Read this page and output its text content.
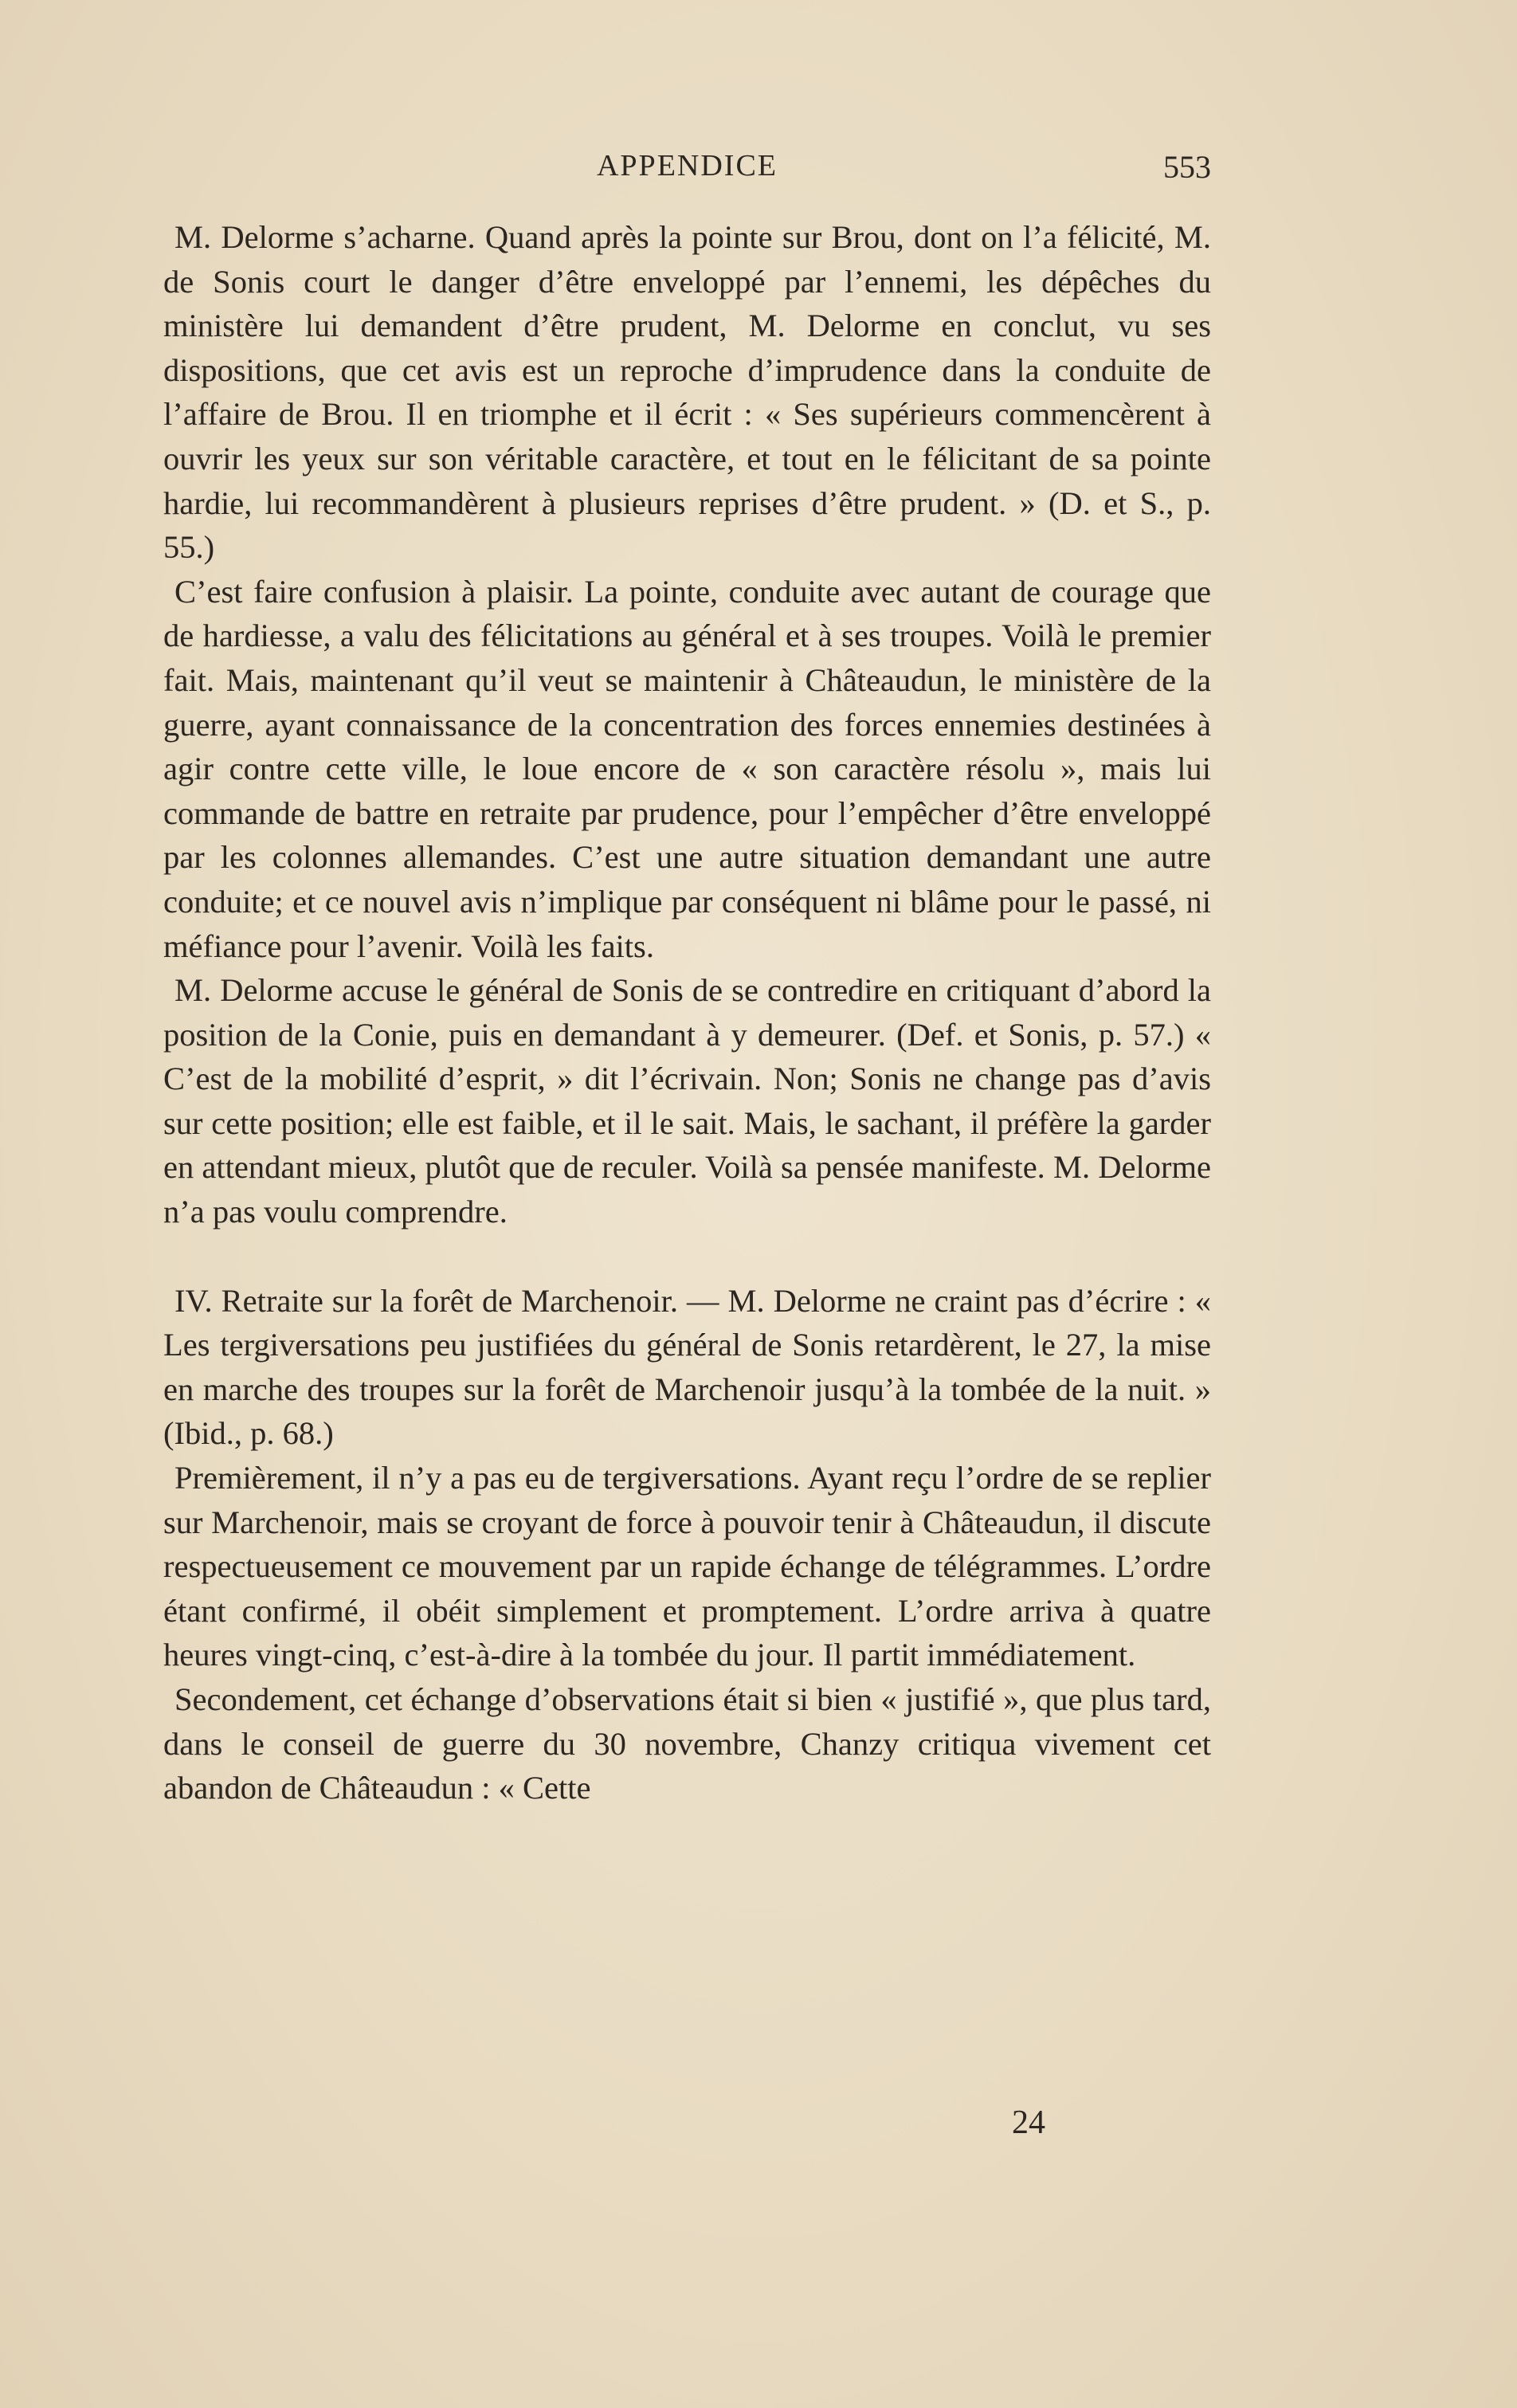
APPENDICE	553

M. Delorme s’acharne. Quand après la pointe sur Brou, dont on l’a félicité, M. de Sonis court le danger d’être enveloppé par l’ennemi, les dépêches du ministère lui demandent d’être prudent, M. Delorme en conclut, vu ses dispositions, que cet avis est un reproche d’imprudence dans la conduite de l’affaire de Brou. Il en triomphe et il écrit : « Ses supérieurs commencèrent à ouvrir les yeux sur son véritable caractère, et tout en le félicitant de sa pointe hardie, lui recommandèrent à plusieurs reprises d’être prudent. » (D. et S., p. 55.)

C’est faire confusion à plaisir. La pointe, conduite avec autant de courage que de hardiesse, a valu des félicitations au général et à ses troupes. Voilà le premier fait. Mais, maintenant qu’il veut se maintenir à Châteaudun, le ministère de la guerre, ayant connaissance de la concentration des forces ennemies destinées à agir contre cette ville, le loue encore de « son caractère résolu », mais lui commande de battre en retraite par prudence, pour l’empêcher d’être enveloppé par les colonnes allemandes. C’est une autre situation demandant une autre conduite; et ce nouvel avis n’implique par conséquent ni blâme pour le passé, ni méfiance pour l’avenir. Voilà les faits.

M. Delorme accuse le général de Sonis de se contredire en critiquant d’abord la position de la Conie, puis en demandant à y demeurer. (Def. et Sonis, p. 57.) « C’est de la mobilité d’esprit, » dit l’écrivain. Non; Sonis ne change pas d’avis sur cette position; elle est faible, et il le sait. Mais, le sachant, il préfère la garder en attendant mieux, plutôt que de reculer. Voilà sa pensée manifeste. M. Delorme n’a pas voulu comprendre.

IV. Retraite sur la forêt de Marchenoir. — M. Delorme ne craint pas d’écrire : « Les tergiversations peu justifiées du général de Sonis retardèrent, le 27, la mise en marche des troupes sur la forêt de Marchenoir jusqu’à la tombée de la nuit. » (Ibid., p. 68.)

Premièrement, il n’y a pas eu de tergiversations. Ayant reçu l’ordre de se replier sur Marchenoir, mais se croyant de force à pouvoir tenir à Châteaudun, il discute respectueusement ce mouvement par un rapide échange de télégrammes. L’ordre étant confirmé, il obéit simplement et promptement. L’ordre arriva à quatre heures vingt-cinq, c’est-à-dire à la tombée du jour. Il partit immédiatement.

Secondement, cet échange d’observations était si bien « justifié », que plus tard, dans le conseil de guerre du 30 novembre, Chanzy critiqua vivement cet abandon de Châteaudun : « Cette

24
